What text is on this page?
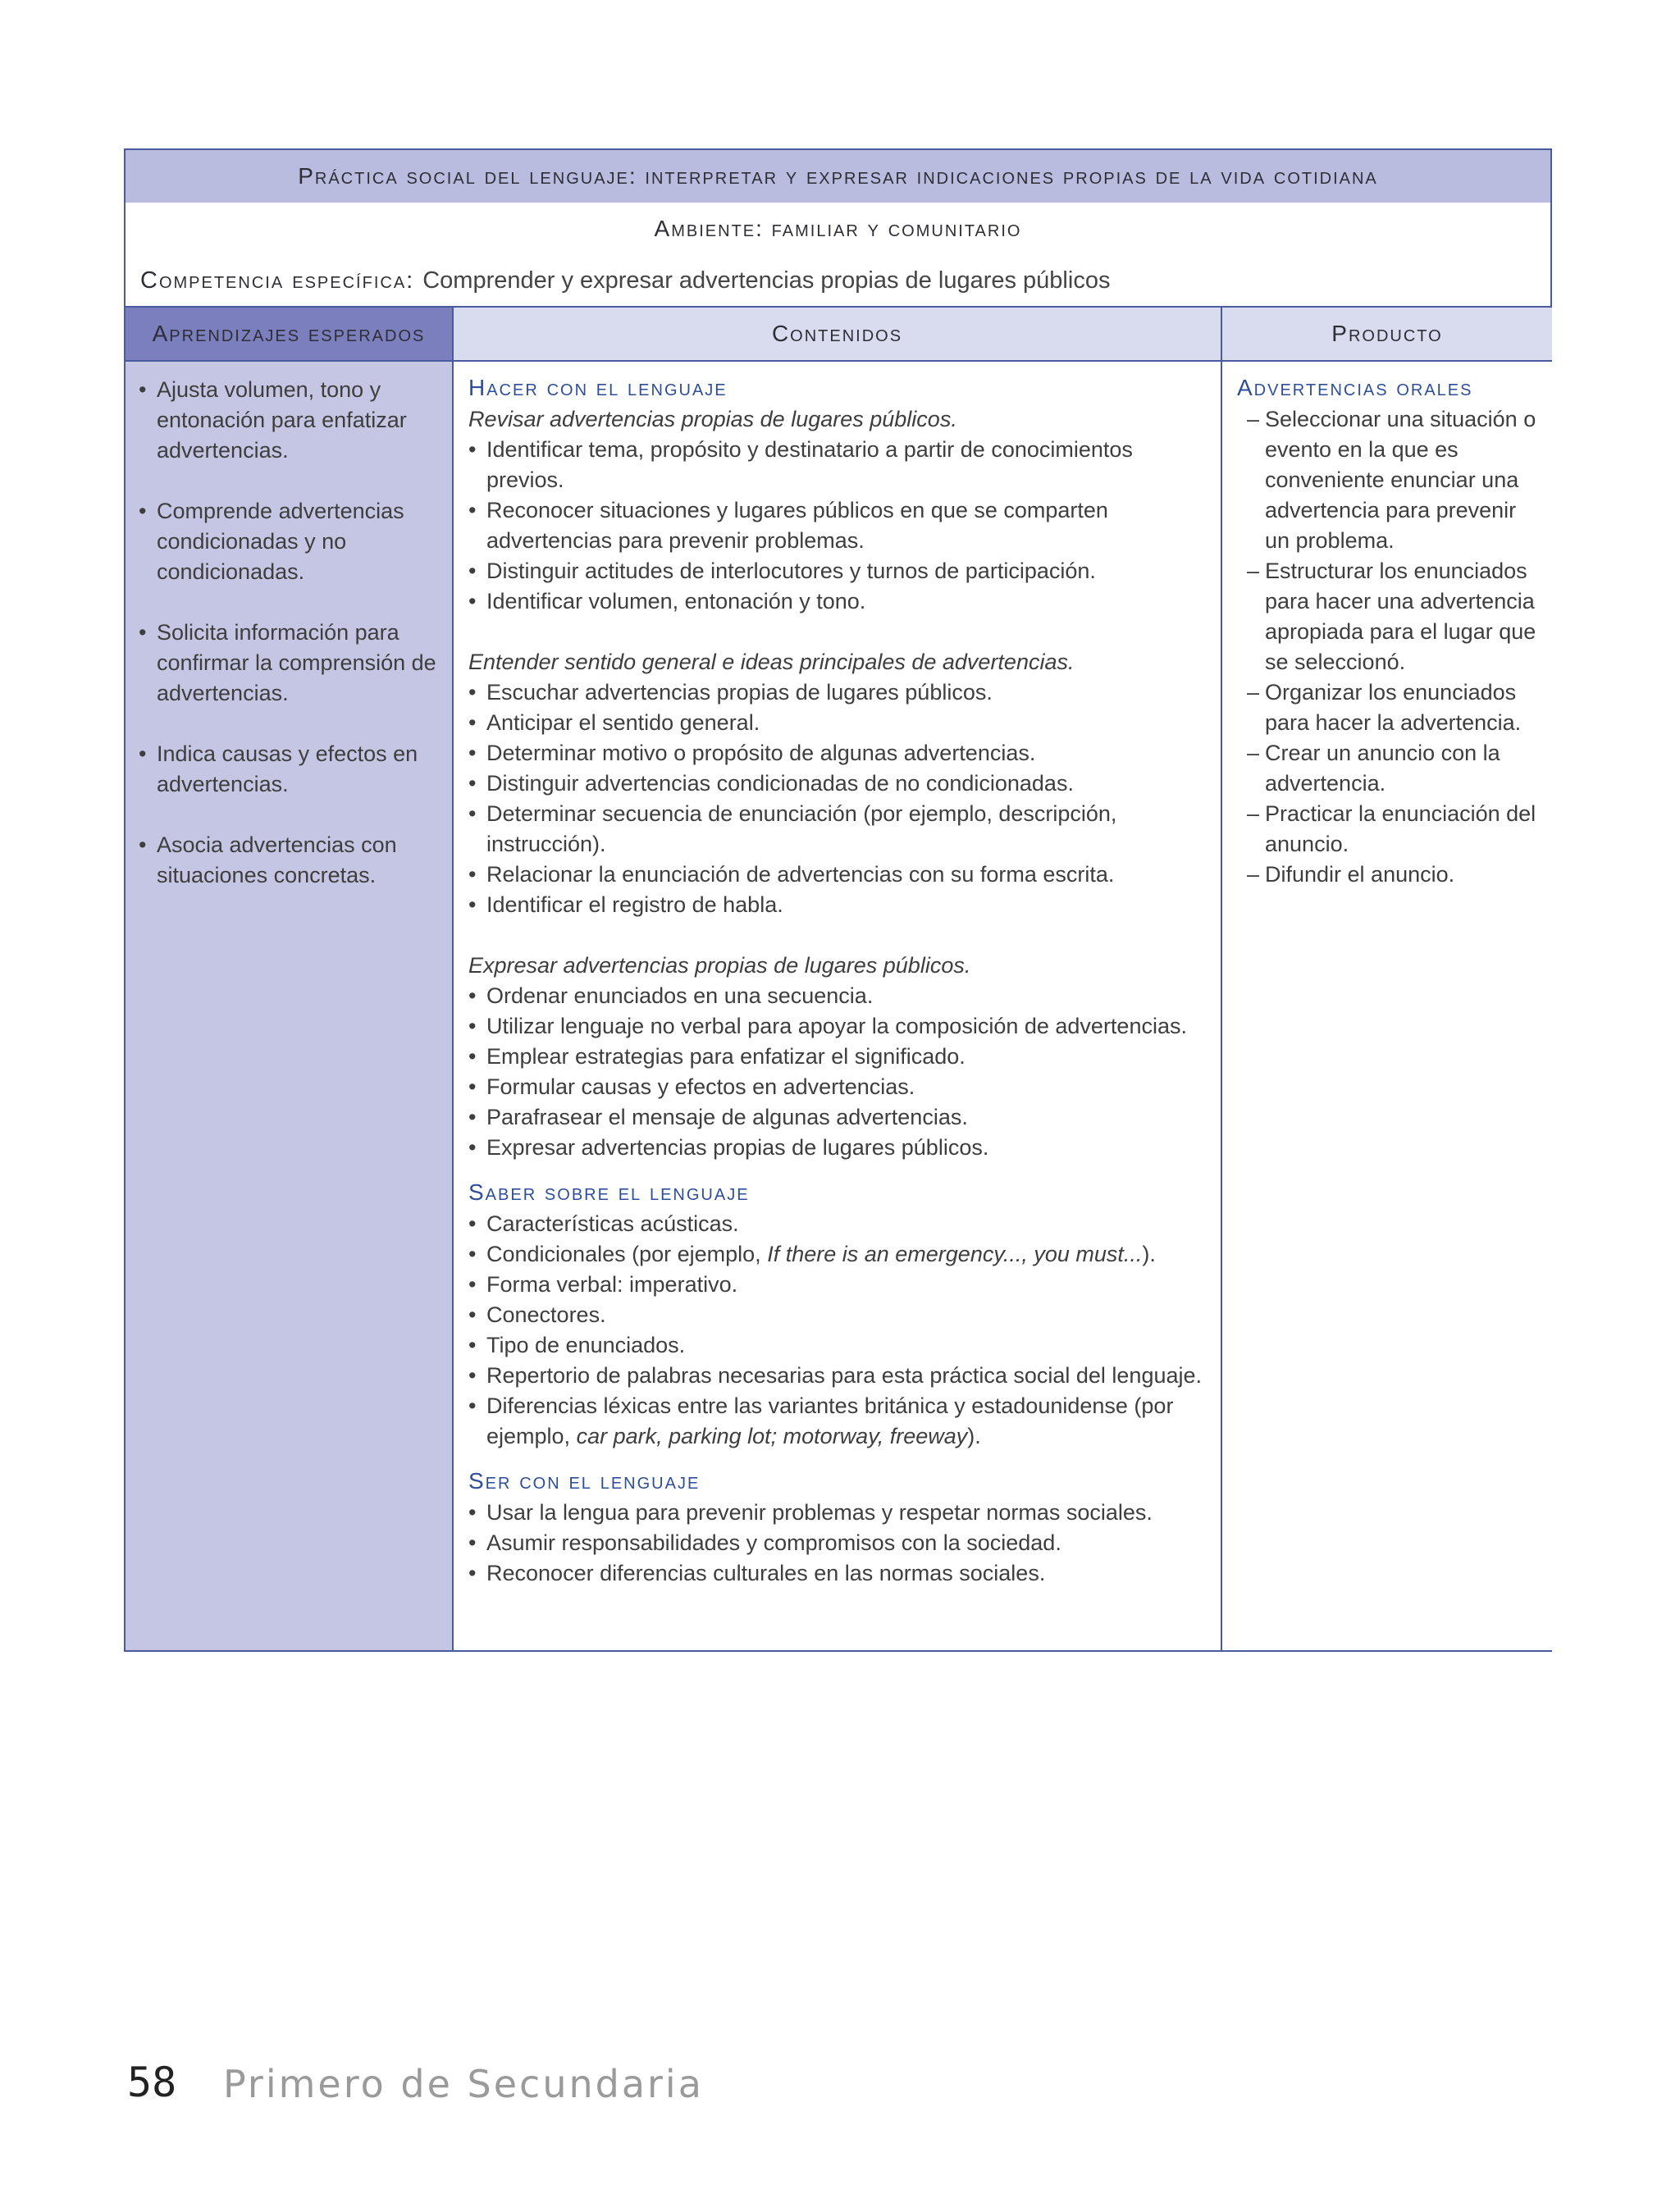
Práctica social del lenguaje: interpretar y expresar indicaciones propias de la vida cotidiana
Ambiente: familiar y comunitario
Competencia específica: Comprender y expresar advertencias propias de lugares públicos
Aprendizajes esperados	Contenidos	Producto

• Ajusta volumen, tono y entonación para enfatizar advertencias.

• Comprende advertencias condicionadas y no condicionadas.

• Solicita información para confirmar la comprensión de advertencias.

• Indica causas y efectos en advertencias.

• Asocia advertencias con situaciones concretas.

Hacer con el lenguaje
Revisar advertencias propias de lugares públicos.

• Identificar tema, propósito y destinatario a partir de conocimientos previos.

• Reconocer situaciones y lugares públicos en que se comparten advertencias para prevenir problemas.

• Distinguir actitudes de interlocutores y turnos de participación.

• Identificar volumen, entonación y tono.

Entender sentido general e ideas principales de advertencias.

• Escuchar advertencias propias de lugares públicos.

• Anticipar el sentido general.

• Determinar motivo o propósito de algunas advertencias.

• Distinguir advertencias condicionadas de no condicionadas.

• Determinar secuencia de enunciación (por ejemplo, descripción, instrucción).

• Relacionar la enunciación de advertencias con su forma escrita.

• Identificar el registro de habla.

Expresar advertencias propias de lugares públicos.

• Ordenar enunciados en una secuencia.

• Utilizar lenguaje no verbal para apoyar la composición de advertencias.

• Emplear estrategias para enfatizar el significado.

• Formular causas y efectos en advertencias.

• Parafrasear el mensaje de algunas advertencias.

• Expresar advertencias propias de lugares públicos.

Saber sobre el lenguaje

• Características acústicas.

• Condicionales (por ejemplo, If there is an emergency..., you must...).

• Forma verbal: imperativo.

• Conectores.

• Tipo de enunciados.

• Repertorio de palabras necesarias para esta práctica social del lenguaje.

• Diferencias léxicas entre las variantes británica y estadounidense (por ejemplo, car park, parking lot; motorway, freeway).

Ser con el lenguaje

• Usar la lengua para prevenir problemas y respetar normas sociales.

• Asumir responsabilidades y compromisos con la sociedad.

• Reconocer diferencias culturales en las normas sociales.

Advertencias orales

– Seleccionar una situación o evento en la que es conveniente enunciar una advertencia para prevenir un problema.

– Estructurar los enunciados para hacer una advertencia apropiada para el lugar que se seleccionó.

– Organizar los enunciados para hacer la advertencia.

– Crear un anuncio con la advertencia.

– Practicar la enunciación del anuncio.

– Difundir el anuncio.

58 Primero de Secundaria
